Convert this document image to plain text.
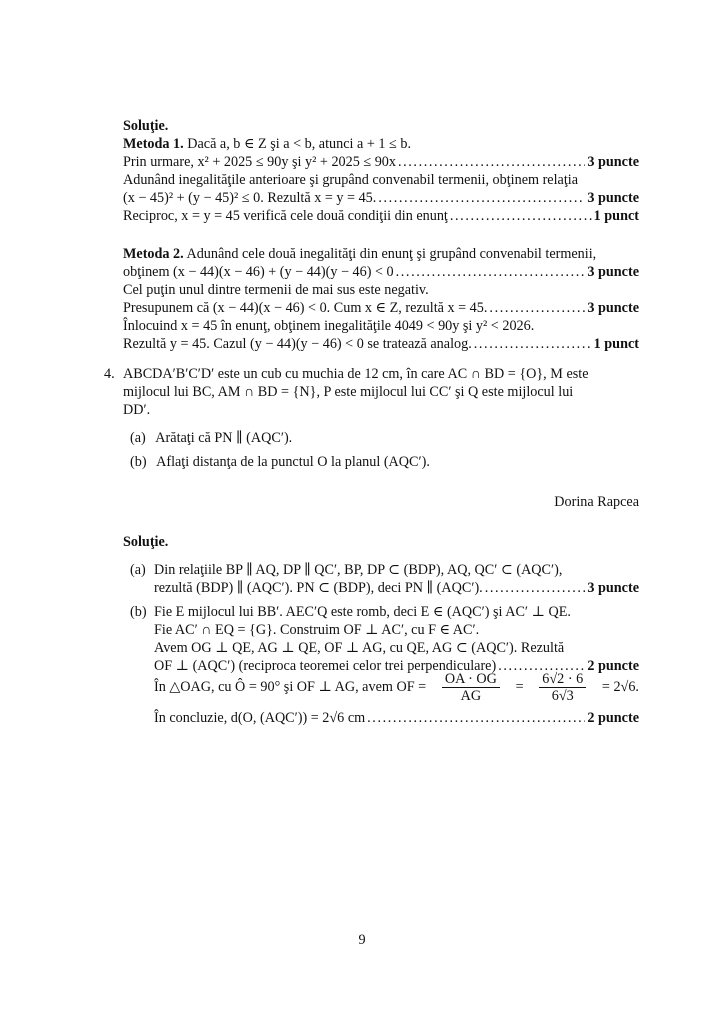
Soluţie.
Metoda 1. Dacă a, b ∈ Z şi a < b, atunci a + 1 ≤ b.
Prin urmare, x² + 2025 ≤ 90y şi y² + 2025 ≤ 90x .....	3 puncte
Adunând inegalităţile anterioare şi grupând convenabil termenii, obţinem relaţia
(x − 45)² + (y − 45)² ≤ 0. Rezultă x = y = 45. .....	3 puncte
Reciproc, x = y = 45 verifică cele două condiţii din enunţ .....	1 punct
Metoda 2. Adunând cele două inegalităţi din enunţ şi grupând convenabil termenii,
obţinem (x − 44)(x − 46) + (y − 44)(y − 46) < 0 .....	3 puncte
Cel puţin unul dintre termenii de mai sus este negativ.
Presupunem că (x − 44)(x − 46) < 0. Cum x ∈ Z, rezultă x = 45. .....	3 puncte
Înlocuind x = 45 în enunţ, obţinem inegalităţile 4049 < 90y şi y² < 2026.
Rezultă y = 45. Cazul (y − 44)(y − 46) < 0 se tratează analog. .....	1 punct
4. ABCDA′B′C′D′ este un cub cu muchia de 12 cm, în care AC ∩ BD = {O}, M este
mijlocul lui BC, AM ∩ BD = {N}, P este mijlocul lui CC′ şi Q este mijlocul lui
DD′.
(a) Arătaţi că PN ∥ (AQC′).
(b) Aflaţi distanţa de la punctul O la planul (AQC′).
Dorina Rapcea
Soluţie.
(a) Din relaţiile BP ∥ AQ, DP ∥ QC′, BP, DP ⊂ (BDP), AQ, QC′ ⊂ (AQC′),
rezultă (BDP) ∥ (AQC′). PN ⊂ (BDP), deci PN ∥ (AQC′). .....	3 puncte
(b) Fie E mijlocul lui BB′. AEC′Q este romb, deci E ∈ (AQC′) şi AC′ ⊥ QE.
Fie AC′ ∩ EQ = {G}. Construim OF ⊥ AC′, cu F ∈ AC′.
Avem OG ⊥ QE, AG ⊥ QE, OF ⊥ AG, cu QE, AG ⊂ (AQC′). Rezultă
OF ⊥ (AQC′) (reciproca teoremei celor trei perpendiculare) .....	2 puncte
În △OAG, cu Ô = 90° şi OF ⊥ AG, avem OF = $\frac{OA \cdot OG}{AG} = \frac{6√2 \cdot 6}{6√3} = 2√6$.
În concluzie, d(O, (AQC′)) = 2√6 cm .....	2 puncte
9
